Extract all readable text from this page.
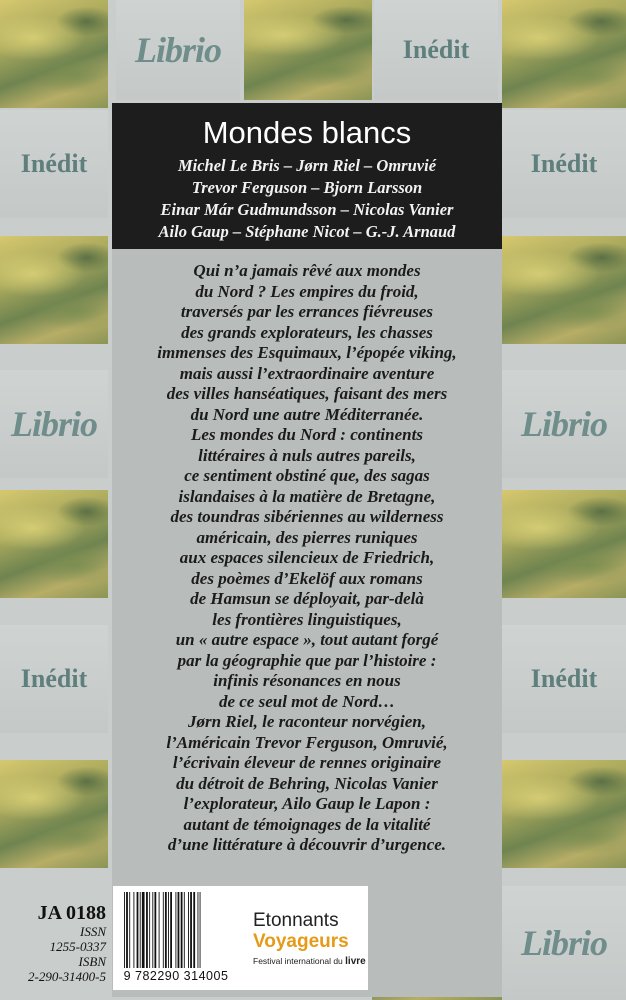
Inédit
Librio
Inédit
Librio	Inédit
Inédit
Librio
Inédit
Librio
Mondes blancs
Michel Le Bris – Jørn Riel – Omruvié
Trevor Ferguson – Bjorn Larsson
Einar Már Gudmundsson – Nicolas Vanier
Ailo Gaup – Stéphane Nicot – G.-J. Arnaud
Qui n’a jamais rêvé aux mondes
du Nord ? Les empires du froid,
traversés par les errances fiévreuses
des grands explorateurs, les chasses
immenses des Esquimaux, l’épopée viking,
mais aussi l’extraordinaire aventure
des villes hanséatiques, faisant des mers
du Nord une autre Méditerranée.
Les mondes du Nord : continents
littéraires à nuls autres pareils,
ce sentiment obstiné que, des sagas
islandaises à la matière de Bretagne,
des toundras sibériennes au wilderness
américain, des pierres runiques
aux espaces silencieux de Friedrich,
des poèmes d’Ekelöf aux romans
de Hamsun se déployait, par-delà
les frontières linguistiques,
un « autre espace », tout autant forgé
par la géographie que par l’histoire :
infinis résonances en nous
de ce seul mot de Nord…
Jørn Riel, le raconteur norvégien,
l’Américain Trevor Ferguson, Omruvié,
l’écrivain éleveur de rennes originaire
du détroit de Behring, Nicolas Vanier
l’explorateur, Ailo Gaup le Lapon :
autant de témoignages de la vitalité
d’une littérature à découvrir d’urgence.
JA 0188
ISSN
1255-0337
ISBN
2-290-31400-5	9 782290 314005
Etonnants
Voyageurs
Festival international du livre
